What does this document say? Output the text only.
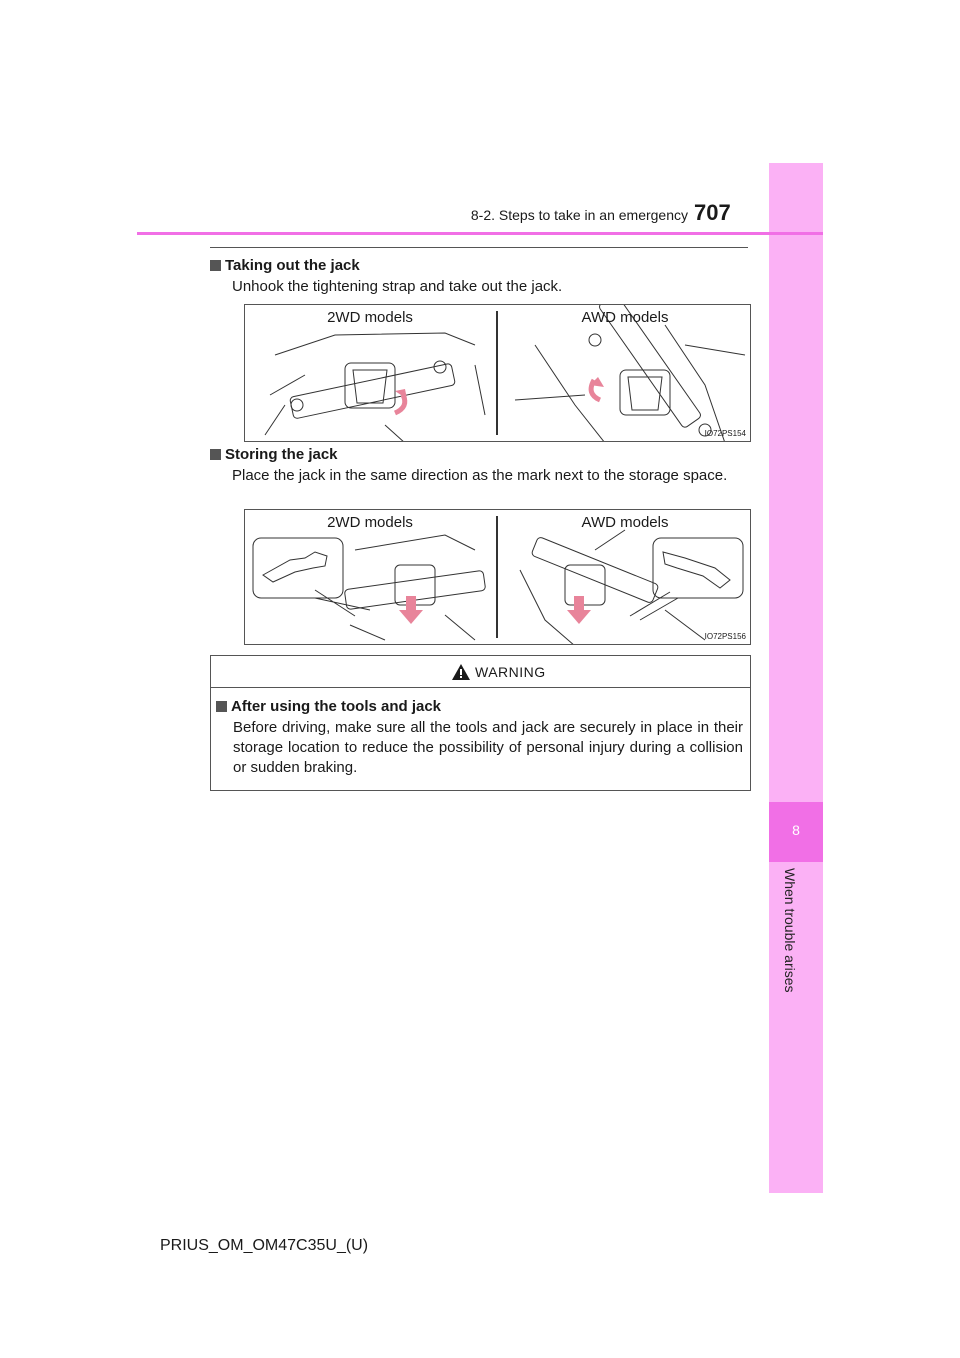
8
When trouble arises
8-2. Steps to take in an emergency 707
Taking out the jack
Unhook the tightening strap and take out the jack.
2WD models	AWD models
IO72PS154
Storing the jack
Place the jack in the same direction as the mark next to the storage space.
2WD models	AWD models
IO72PS156
WARNING
After using the tools and jack
Before driving, make sure all the tools and jack are securely in place in their storage location to reduce the possibility of personal injury during a collision or sudden braking.
PRIUS_OM_OM47C35U_(U)
